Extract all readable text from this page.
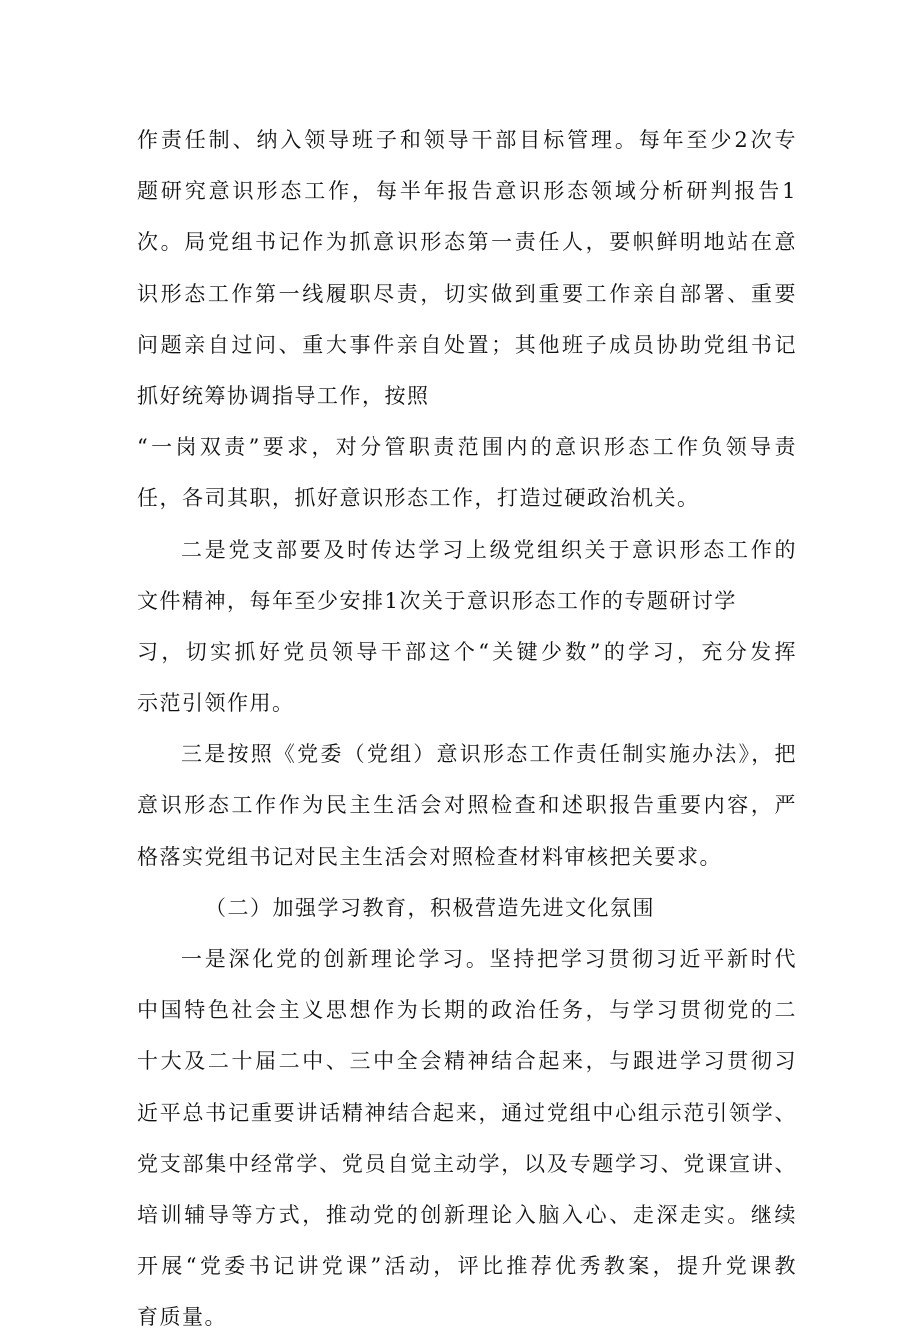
作责任制、纳入领导班子和领导干部目标管理。每年至少2次专
题研究意识形态工作，每半年报告意识形态领域分析研判报告1
次。局党组书记作为抓意识形态第一责任人，要帜鲜明地站在意
识形态工作第一线履职尽责，切实做到重要工作亲自部署、重要
问题亲自过问、重大事件亲自处置；其他班子成员协助党组书记
抓好统筹协调指导工作，按照
“一岗双责”要求，对分管职责范围内的意识形态工作负领导责
任，各司其职，抓好意识形态工作，打造过硬政治机关。
二是党支部要及时传达学习上级党组织关于意识形态工作的
文件精神，每年至少安排1次关于意识形态工作的专题研讨学
习，切实抓好党员领导干部这个“关键少数”的学习，充分发挥
示范引领作用。
三是按照《党委（党组）意识形态工作责任制实施办法》，把
意识形态工作作为民主生活会对照检查和述职报告重要内容，严
格落实党组书记对民主生活会对照检查材料审核把关要求。
（二）加强学习教育，积极营造先进文化氛围
一是深化党的创新理论学习。坚持把学习贯彻习近平新时代
中国特色社会主义思想作为长期的政治任务，与学习贯彻党的二
十大及二十届二中、三中全会精神结合起来，与跟进学习贯彻习
近平总书记重要讲话精神结合起来，通过党组中心组示范引领学、
党支部集中经常学、党员自觉主动学，以及专题学习、党课宣讲、
培训辅导等方式，推动党的创新理论入脑入心、走深走实。继续
开展“党委书记讲党课”活动，评比推荐优秀教案，提升党课教
育质量。
